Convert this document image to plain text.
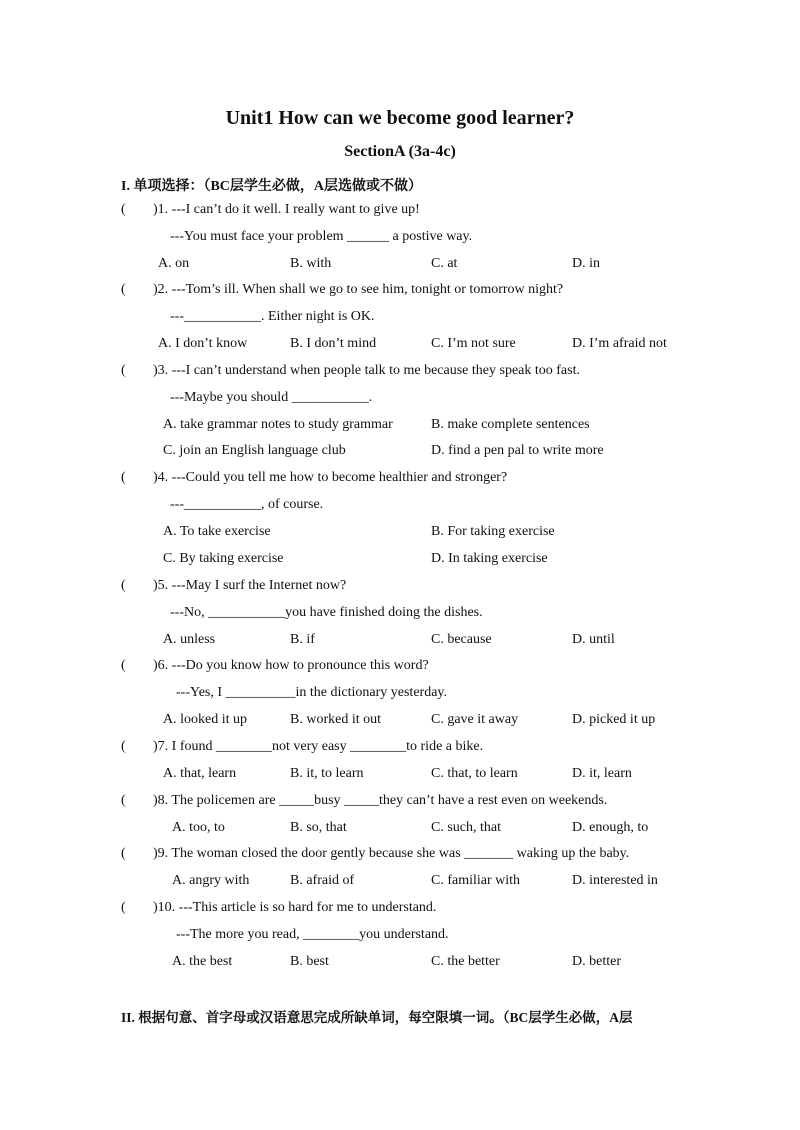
Unit1 How can we become good learner?
SectionA (3a-4c)
I. 单项选择：（BC层学生必做，A层选做或不做）
( )1. ---I can’t do it well. I really want to give up!
---You must face your problem ______ a postive way.
A. on	B. with	C. at	D. in
( )2. ---Tom’s ill. When shall we go to see him, tonight or tomorrow night?
---___________. Either night is OK.
A. I don’t know	B. I don’t mind	C. I’m not sure	D. I’m afraid not
( )3. ---I can’t understand when people talk to me because they speak too fast.
---Maybe you should ___________.
A. take grammar notes to study grammar	B. make complete sentences
C. join an English language club	D. find a pen pal to write more
( )4. ---Could you tell me how to become healthier and stronger?
---___________, of course.
A. To take exercise	B. For taking exercise
C. By taking exercise	D. In taking exercise
( )5. ---May I surf the Internet now?
---No, ___________you have finished doing the dishes.
A. unless	B. if	C. because	D. until
( )6. ---Do you know how to pronounce this word?
---Yes, I __________in the dictionary yesterday.
A. looked it up	B. worked it out	C. gave it away	D. picked it up
( )7. I found ________not very easy ________to ride a bike.
A. that, learn	B. it, to learn	C. that, to learn	D. it, learn
( )8. The policemen are _____busy _____they can’t have a rest even on weekends.
A. too, to	B. so, that	C. such, that	D. enough, to
( )9. The woman closed the door gently because she was _______ waking up the baby.
A. angry with	B. afraid of	C. familiar with	D. interested in
( )10. ---This article is so hard for me to understand.
---The more you read, ________you understand.
A. the best	B. best	C. the better	D. better
II. 根据句意、首字母或汉语意思完成所缺单词，每空限填一词。（BC层学生必做，A层
